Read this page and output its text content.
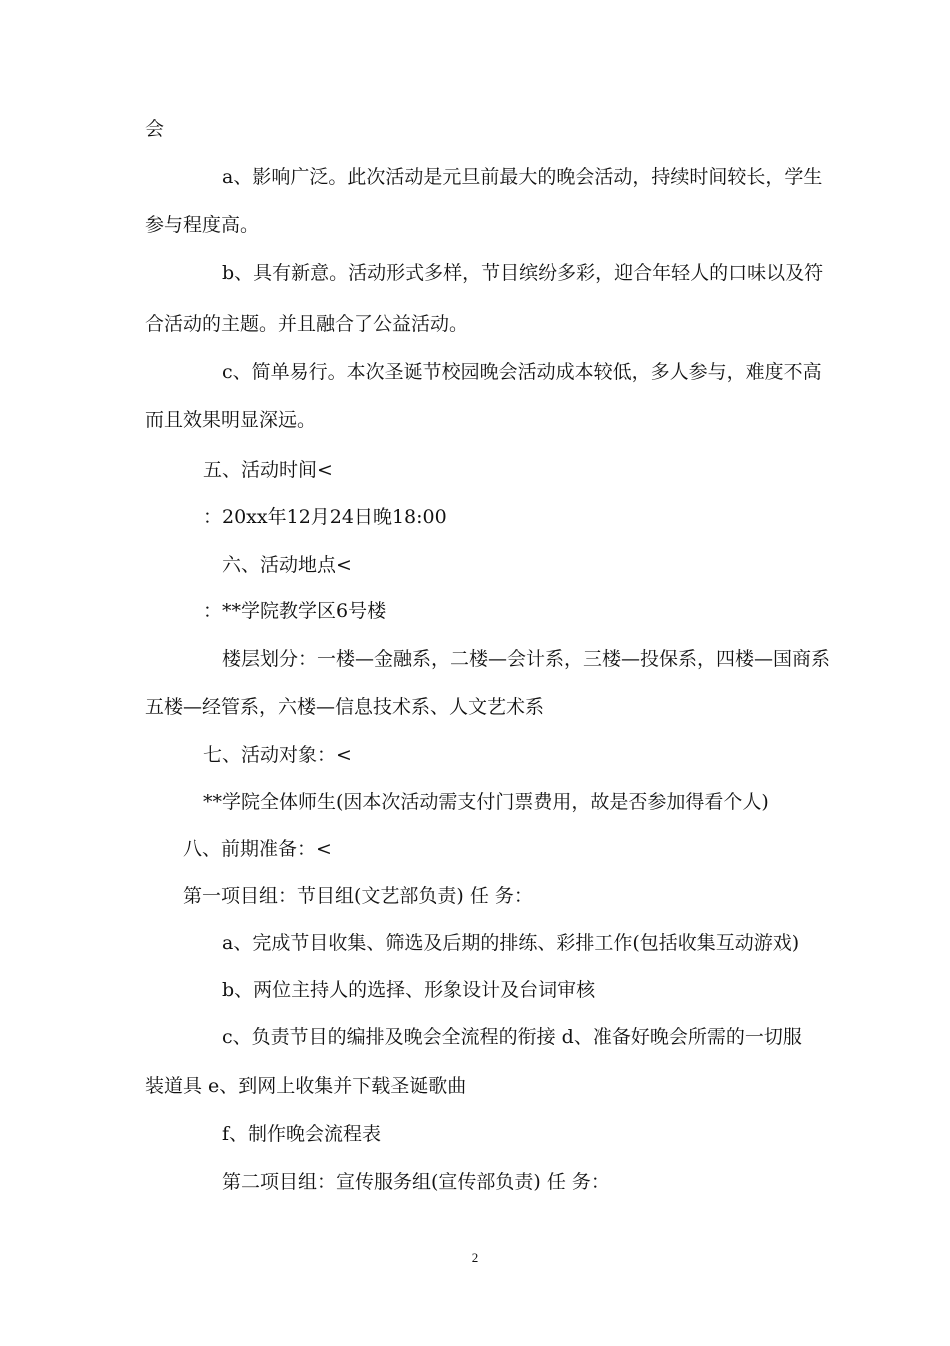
会
a、影响广泛。此次活动是元旦前最大的晚会活动，持续时间较长，学生
参与程度高。
b、具有新意。活动形式多样，节目缤纷多彩，迎合年轻人的口味以及符
合活动的主题。并且融合了公益活动。
c、简单易行。本次圣诞节校园晚会活动成本较低，多人参与，难度不高
而且效果明显深远。
五、活动时间<
：20xx年12月24日晚18:00
六、活动地点<
：**学院教学区6号楼
楼层划分：一楼—金融系，二楼—会计系，三楼—投保系，四楼—国商系
五楼—经管系，六楼—信息技术系、人文艺术系
七、活动对象：<
**学院全体师生(因本次活动需支付门票费用，故是否参加得看个人)
八、前期准备：<
第一项目组：节目组(文艺部负责) 任 务：
a、完成节目收集、筛选及后期的排练、彩排工作(包括收集互动游戏)
b、两位主持人的选择、形象设计及台词审核
c、负责节目的编排及晚会全流程的衔接 d、准备好晚会所需的一切服
装道具 e、到网上收集并下载圣诞歌曲
f、制作晚会流程表
第二项目组：宣传服务组(宣传部负责) 任 务：
2
